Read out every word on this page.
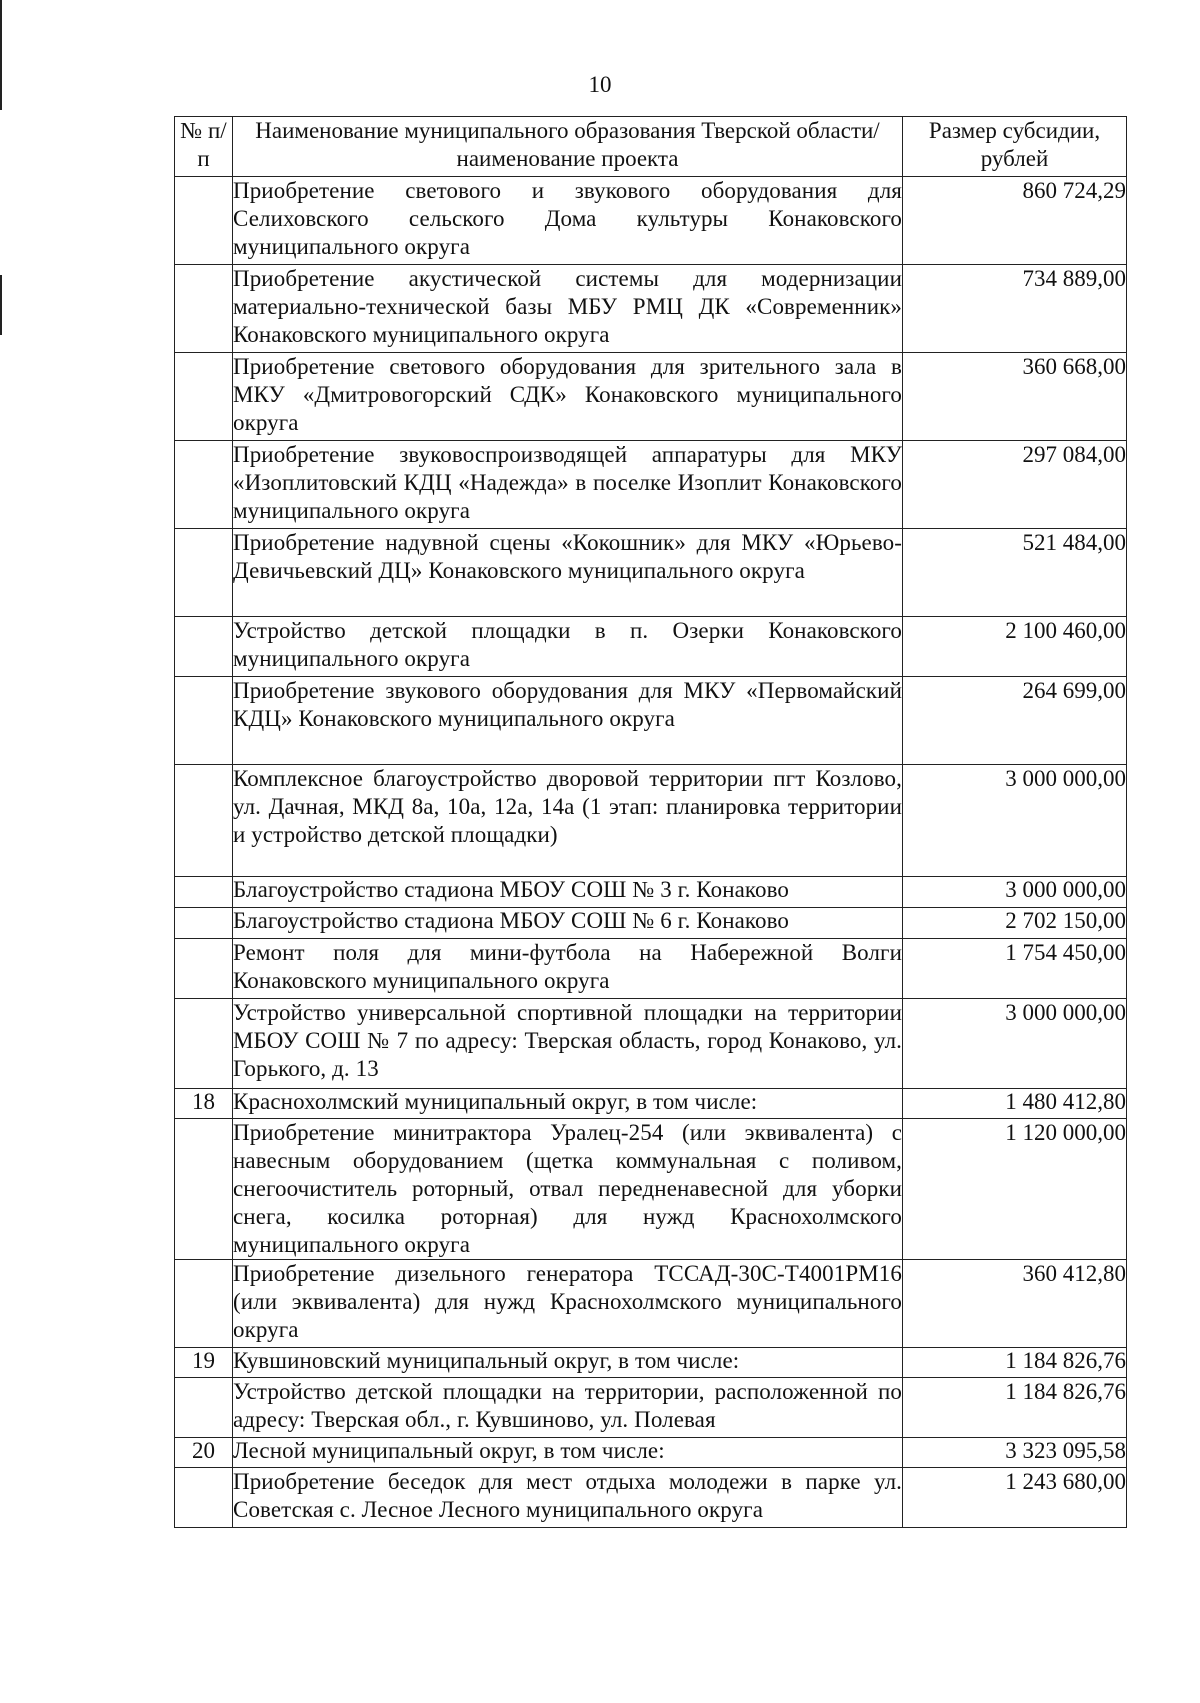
10
№ п/п	Наименование муниципального образования Тверской области/наименование проекта	Размер субсидии, рублей
	Приобретение светового и звукового оборудования для Селиховского сельского Дома культуры Конаковского муниципального округа	860 724,29
	Приобретение акустической системы для модернизации материально-технической базы МБУ РМЦ ДК «Современник» Конаковского муниципального округа	734 889,00
	Приобретение светового оборудования для зрительного зала в МКУ «Дмитровогорский СДК» Конаковского муниципального округа	360 668,00
	Приобретение звуковоспроизводящей аппаратуры для МКУ «Изоплитовский КДЦ «Надежда» в поселке Изоплит Конаковского муниципального округа	297 084,00
	Приобретение надувной сцены «Кокошник» для МКУ «Юрьево-Девичьевский ДЦ» Конаковского муниципального округа	521 484,00
	Устройство детской площадки в п. Озерки Конаковского муниципального округа	2 100 460,00
	Приобретение звукового оборудования для МКУ «Первомайский КДЦ» Конаковского муниципального округа	264 699,00
	Комплексное благоустройство дворовой территории пгт Козлово, ул. Дачная, МКД 8а, 10а, 12а, 14а (1 этап: планировка территории и устройство детской площадки)	3 000 000,00
	Благоустройство стадиона МБОУ СОШ № 3 г. Конаково	3 000 000,00
	Благоустройство стадиона МБОУ СОШ № 6 г. Конаково	2 702 150,00
	Ремонт поля для мини-футбола на Набережной Волги Конаковского муниципального округа	1 754 450,00
	Устройство универсальной спортивной площадки на территории МБОУ СОШ № 7 по адресу: Тверская область, город Конаково, ул. Горького, д. 13	3 000 000,00
18	Краснохолмский муниципальный округ, в том числе:	1 480 412,80
	Приобретение минитрактора Уралец-254 (или эквивалента) с навесным оборудованием (щетка коммунальная с поливом, снегоочиститель роторный, отвал передненавесной для уборки снега, косилка роторная) для нужд Краснохолмского муниципального округа	1 120 000,00
	Приобретение дизельного генератора ТССАД-30С-Т4001РМ16 (или эквивалента) для нужд Краснохолмского муниципального округа	360 412,80
19	Кувшиновский муниципальный округ, в том числе:	1 184 826,76
	Устройство детской площадки на территории, расположенной по адресу: Тверская обл., г. Кувшиново, ул. Полевая	1 184 826,76
20	Лесной муниципальный округ, в том числе:	3 323 095,58
	Приобретение беседок для мест отдыха молодежи в парке ул. Советская с. Лесное Лесного муниципального округа	1 243 680,00
